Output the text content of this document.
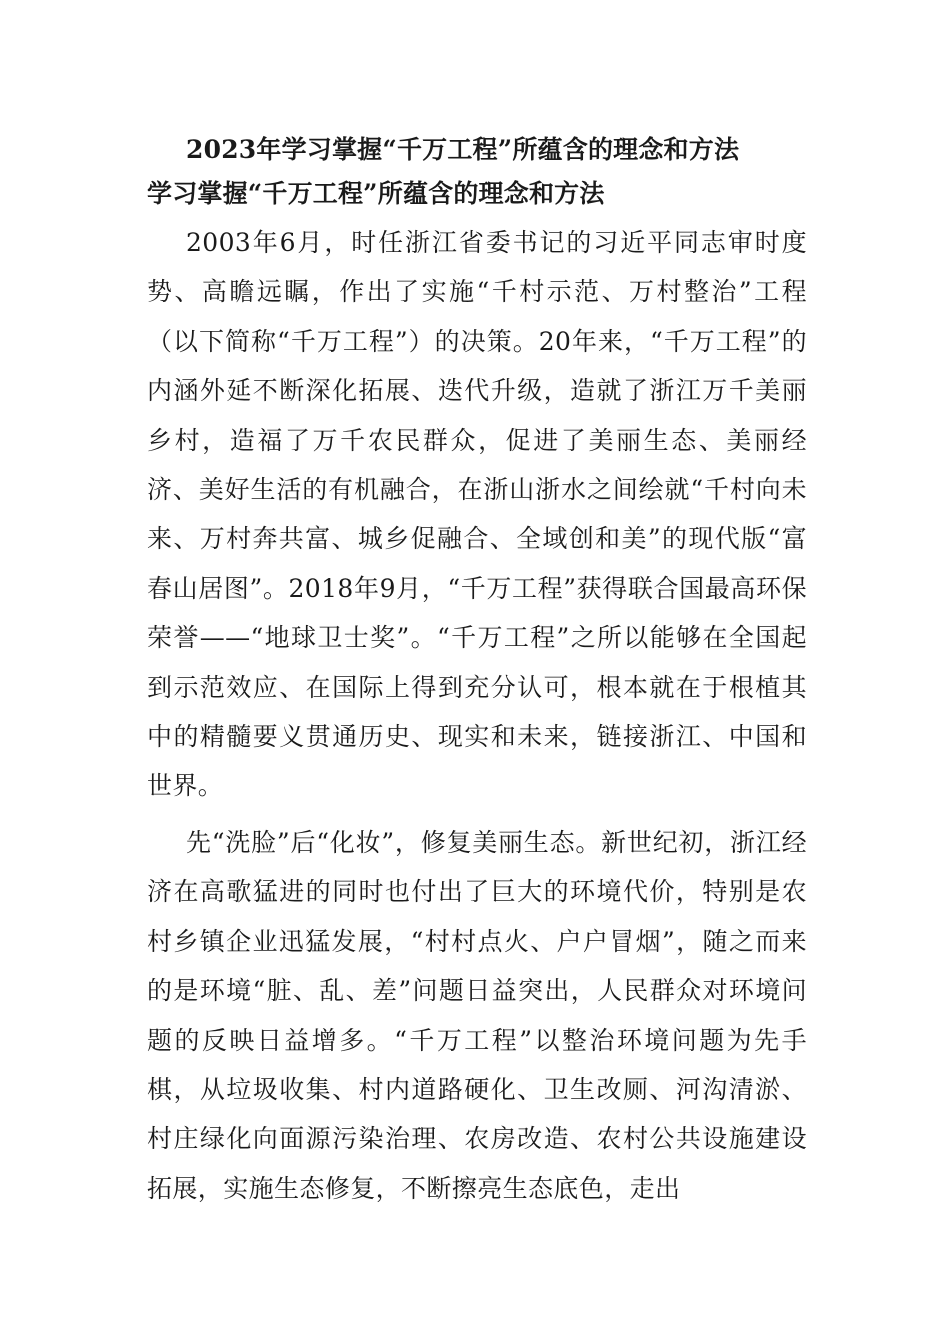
2023年学习掌握“千万工程”所蕴含的理念和方法
学习掌握“千万工程”所蕴含的理念和方法

2003年6月，时任浙江省委书记的习近平同志审时度势、高瞻远瞩，作出了实施“千村示范、万村整治”工程（以下简称“千万工程”）的决策。20年来，“千万工程”的内涵外延不断深化拓展、迭代升级，造就了浙江万千美丽乡村，造福了万千农民群众，促进了美丽生态、美丽经济、美好生活的有机融合，在浙山浙水之间绘就“千村向未来、万村奔共富、城乡促融合、全域创和美”的现代版“富春山居图”。2018年9月，“千万工程”获得联合国最高环保荣誉——“地球卫士奖”。“千万工程”之所以能够在全国起到示范效应、在国际上得到充分认可，根本就在于根植其中的精髓要义贯通历史、现实和未来，链接浙江、中国和世界。

先“洗脸”后“化妆”，修复美丽生态。新世纪初，浙江经济在高歌猛进的同时也付出了巨大的环境代价，特别是农村乡镇企业迅猛发展，“村村点火、户户冒烟”，随之而来的是环境“脏、乱、差”问题日益突出，人民群众对环境问题的反映日益增多。“千万工程”以整治环境问题为先手棋，从垃圾收集、村内道路硬化、卫生改厕、河沟清淤、村庄绿化向面源污染治理、农房改造、农村公共设施建设拓展，实施生态修复，不断擦亮生态底色，走出
